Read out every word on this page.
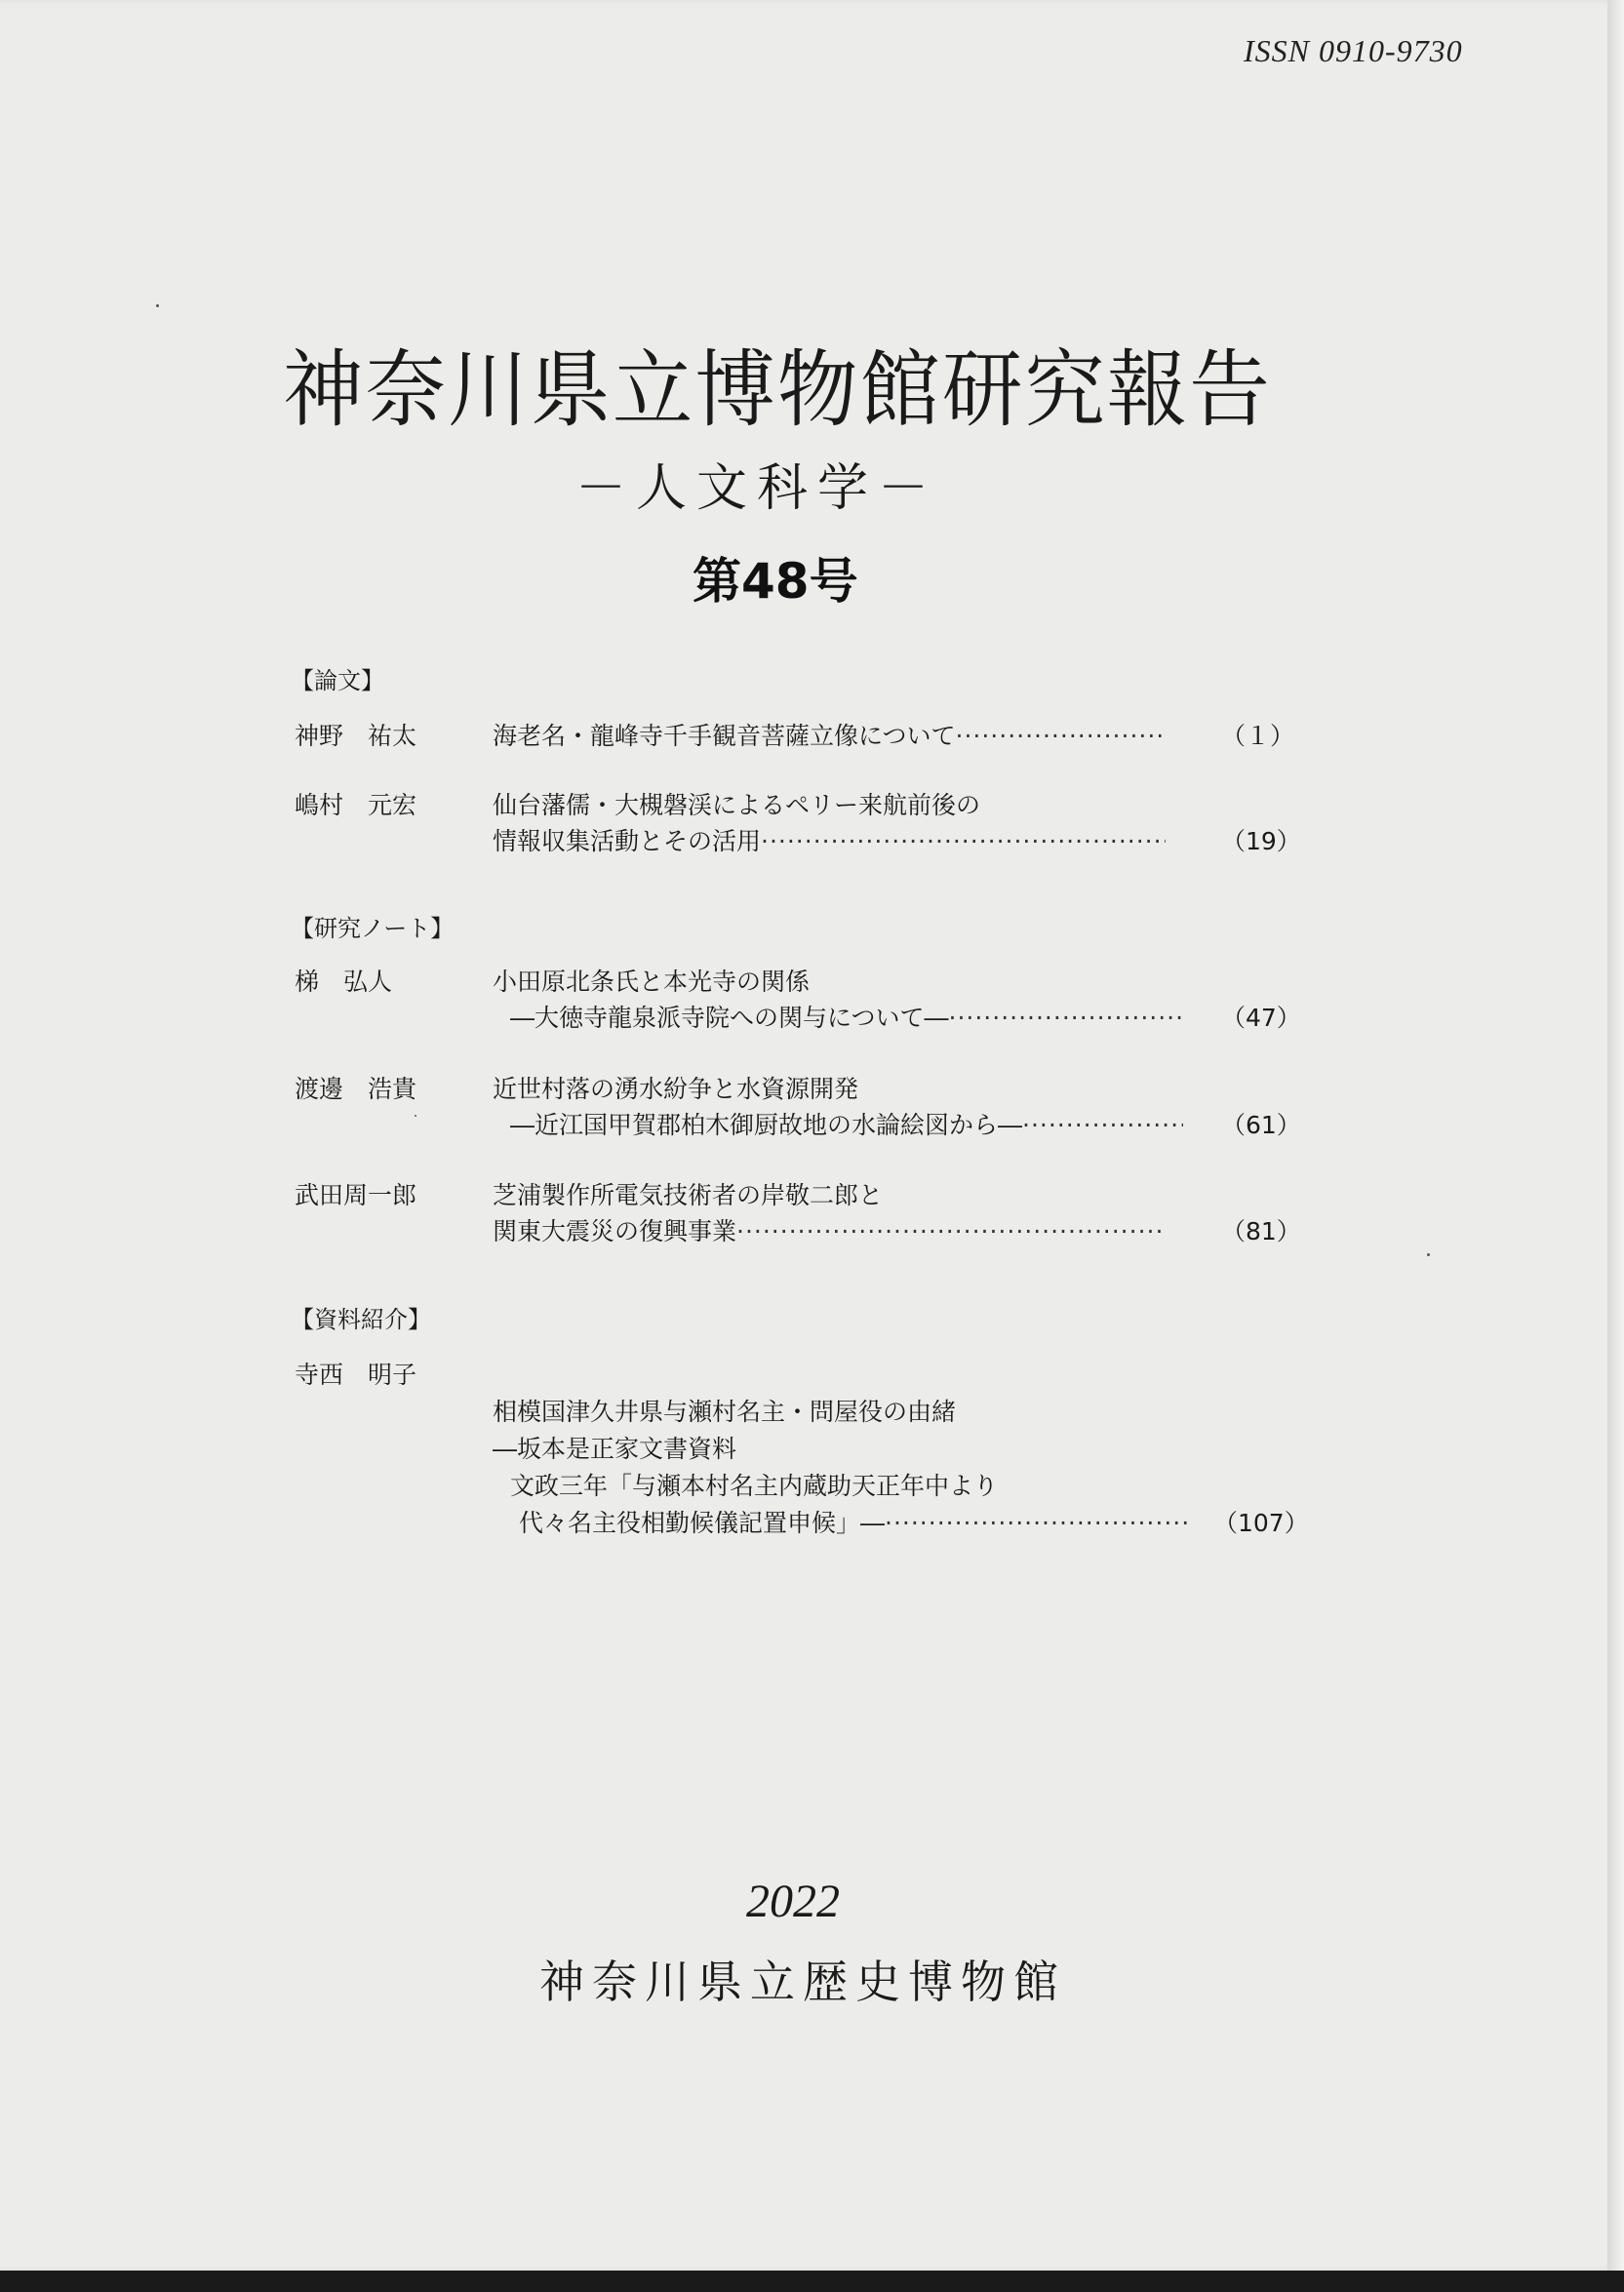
ISSN 0910-9730
神奈川県立博物館研究報告
－人文科学－
第48号
【論文】
神野　祐太	海老名・龍峰寺千手観音菩薩立像について ·····	（１）
嶋村　元宏	仙台藩儒・大槻磐渓によるペリー来航前後の
情報収集活動とその活用 ·····	（19）
【研究ノート】
梯　弘人	小田原北条氏と本光寺の関係
―大徳寺龍泉派寺院への関与について― ·····	（47）
渡邊　浩貴	近世村落の湧水紛争と水資源開発
―近江国甲賀郡柏木御厨故地の水論絵図から― ·····	（61）
武田周一郎	芝浦製作所電気技術者の岸敬二郎と
関東大震災の復興事業 ·····	（81）
【資料紹介】
寺西　明子
相模国津久井県与瀬村名主・問屋役の由緒
―坂本是正家文書資料
文政三年「与瀬本村名主内蔵助天正年中より
代々名主役相勤候儀記置申候」― ·····	（107）
2022
神奈川県立歴史博物館
